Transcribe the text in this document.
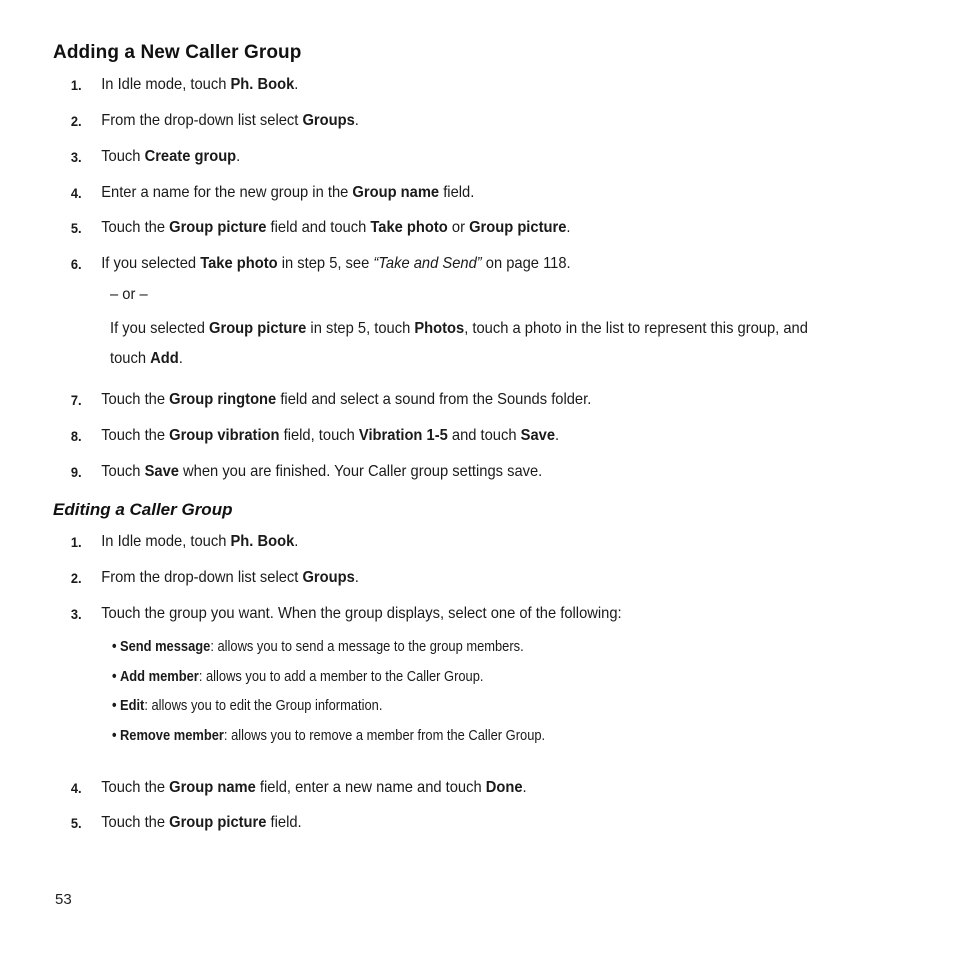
Adding a New Caller Group
1. In Idle mode, touch Ph. Book.
2. From the drop-down list select Groups.
3. Touch Create group.
4. Enter a name for the new group in the Group name field.
5. Touch the Group picture field and touch Take photo or Group picture.
6. If you selected Take photo in step 5, see “Take and Send” on page 118.
– or –
If you selected Group picture in step 5, touch Photos, touch a photo in the list to represent this group, and
touch Add.
7. Touch the Group ringtone field and select a sound from the Sounds folder.
8. Touch the Group vibration field, touch Vibration 1-5 and touch Save.
9. Touch Save when you are finished. Your Caller group settings save.
Editing a Caller Group
1. In Idle mode, touch Ph. Book.
2. From the drop-down list select Groups.
3. Touch the group you want. When the group displays, select one of the following:
• Send message: allows you to send a message to the group members.
• Add member: allows you to add a member to the Caller Group.
• Edit: allows you to edit the Group information.
• Remove member: allows you to remove a member from the Caller Group.
4. Touch the Group name field, enter a new name and touch Done.
5. Touch the Group picture field.
53
